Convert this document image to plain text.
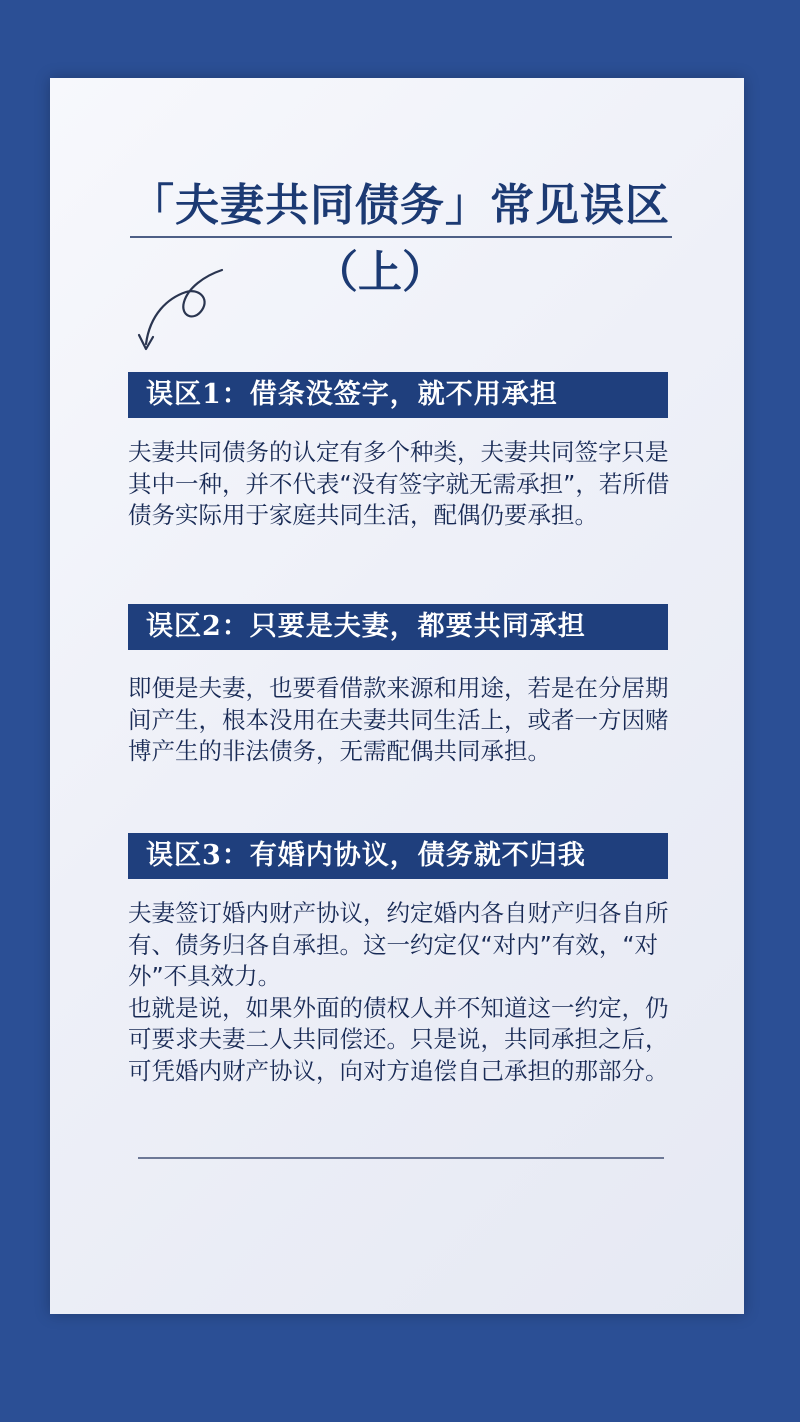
「夫妻共同债务」常见误区
（上）
误区1：借条没签字，就不用承担

夫妻共同债务的认定有多个种类，夫妻共同签字只是其中一种，并不代表“没有签字就无需承担”，若所借债务实际用于家庭共同生活，配偶仍要承担。

误区2：只要是夫妻，都要共同承担

即便是夫妻，也要看借款来源和用途，若是在分居期间产生，根本没用在夫妻共同生活上，或者一方因赌博产生的非法债务，无需配偶共同承担。

误区3：有婚内协议，债务就不归我

夫妻签订婚内财产协议，约定婚内各自财产归各自所有、债务归各自承担。这一约定仅“对内”有效，“对外”不具效力。

也就是说，如果外面的债权人并不知道这一约定，仍可要求夫妻二人共同偿还。只是说，共同承担之后，可凭婚内财产协议，向对方追偿自己承担的那部分。
